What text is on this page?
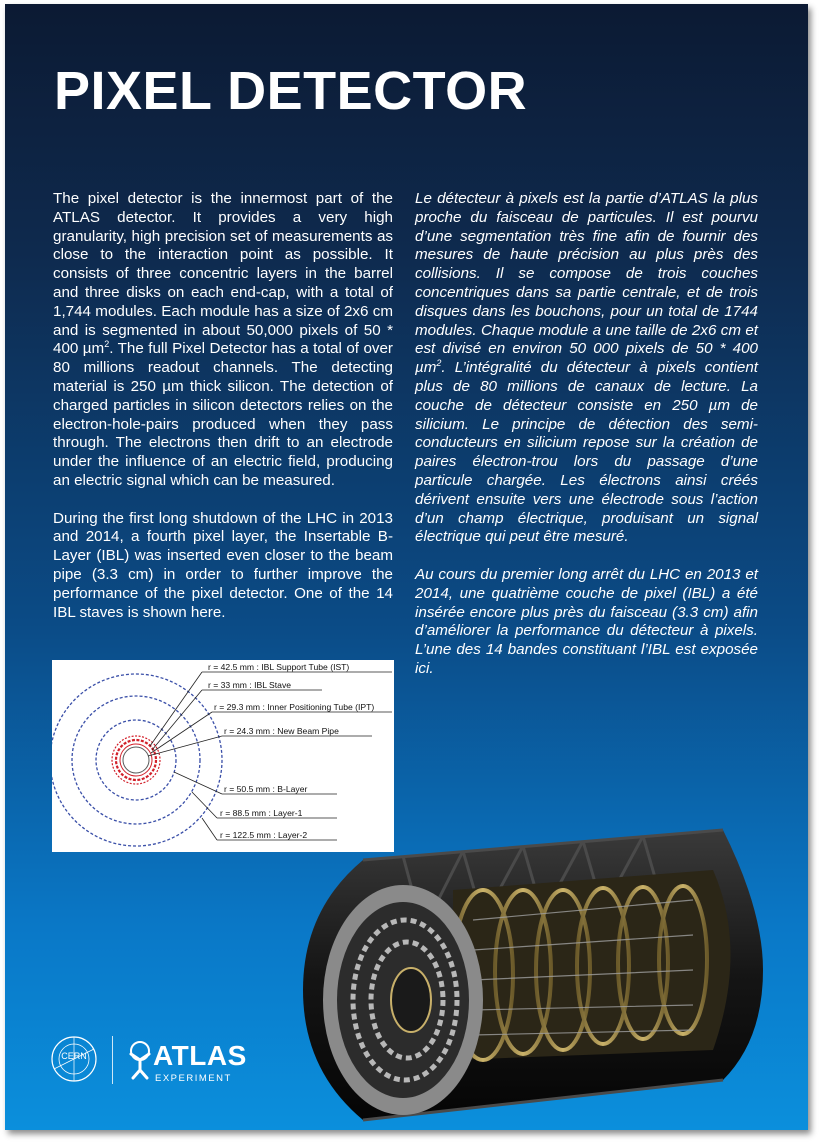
PIXEL DETECTOR

The pixel detector is the innermost part of the ATLAS detector. It provides a very high granularity, high precision set of measurements as close to the interaction point as possible. It consists of three concentric layers in the barrel and three disks on each end-cap, with a total of 1,744 modules. Each module has a size of 2x6 cm and is segmented in about 50,000 pixels of 50 * 400 µm$^2$. The full Pixel Detector has a total of over 80 millions readout channels. The detecting material is 250 µm thick silicon. The detection of charged particles in silicon detectors relies on the electron-hole-pairs produced when they pass through. The electrons then drift to an electrode under the influence of an electric field, producing an electric signal which can be measured.

During the first long shutdown of the LHC in 2013 and 2014, a fourth pixel layer, the Insertable B-Layer (IBL) was inserted even closer to the beam pipe (3.3 cm) in order to further improve the performance of the pixel detector. One of the 14 IBL staves is shown here.

Le détecteur à pixels est la partie d’ATLAS la plus proche du faisceau de particules. Il est pourvu d’une segmentation très fine afin de fournir des mesures de haute précision au plus près des collisions. Il se compose de trois couches concentriques dans sa partie centrale, et de trois disques dans les bouchons, pour un total de 1744 modules. Chaque module a une taille de 2x6 cm et est divisé en environ 50 000 pixels de 50 * 400 µm$^2$. L’intégralité du détecteur à pixels contient plus de 80 millions de canaux de lecture. La couche de détecteur consiste en 250 µm de silicium. Le principe de détection des semi-conducteurs en silicium repose sur la création de paires électron-trou lors du passage d’une particule chargée. Les électrons ainsi créés dérivent ensuite vers une électrode sous l’action d’un champ électrique, produisant un signal électrique qui peut être mesuré.

Au cours du premier long arrêt du LHC en 2013 et 2014, une quatrième couche de pixel (IBL) a été insérée encore plus près du faisceau (3.3 cm) afin d’améliorer la performance du détecteur à pixels. L’une des 14 bandes constituant l’IBL est exposée ici.

r = 42.5 mm : IBL Support Tube (IST)
r = 33 mm : IBL Stave
r = 29.3 mm : Inner Positioning Tube (IPT)
r = 24.3 mm : New Beam Pipe
r = 50.5 mm : B-Layer
r = 88.5 mm : Layer-1
r = 122.5 mm : Layer-2
CERN	ATLAS
EXPERIMENT
